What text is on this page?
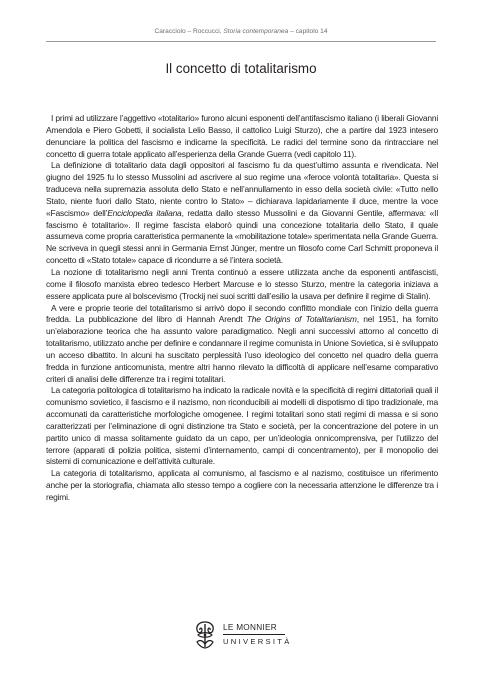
Caracciolo – Roccucci, Storia contemporanea – capitolo 14
Il concetto di totalitarismo

I primi ad utilizzare l’aggettivo «totalitario» furono alcuni esponenti dell’antifascismo italiano (i liberali Giovanni Amendola e Piero Gobetti, il socialista Lelio Basso, il cattolico Luigi Sturzo), che a partire dal 1923 intesero denunciare la politica del fascismo e indicarne la specificità. Le radici del termine sono da rintracciare nel concetto di guerra totale applicato all’esperienza della Grande Guerra (vedi capitolo 11).

La definizione di totalitario data dagli oppositori al fascismo fu da quest’ultimo assunta e rivendicata. Nel giugno del 1925 fu lo stesso Mussolini ad ascrivere al suo regime una «feroce volontà totalitaria». Questa si traduceva nella supremazia assoluta dello Stato e nell’annullamento in esso della società civile: «Tutto nello Stato, niente fuori dallo Stato, niente contro lo Stato» – dichiarava lapidariamente il duce, mentre la voce «Fascismo» dell’Enciclopedia italiana, redatta dallo stesso Mussolini e da Giovanni Gentile, affermava: «Il fascismo è totalitario». Il regime fascista elaborò quindi una concezione totalitaria dello Stato, il quale assumeva come propria caratteristica permanente la «mobilitazione totale» sperimentata nella Grande Guerra. Ne scriveva in quegli stessi anni in Germania Ernst Jünger, mentre un filosofo come Carl Schmitt proponeva il concetto di «Stato totale» capace di ricondurre a sé l’intera società.

La nozione di totalitarismo negli anni Trenta continuò a essere utilizzata anche da esponenti antifascisti, come il filosofo marxista ebreo tedesco Herbert Marcuse e lo stesso Sturzo, mentre la categoria iniziava a essere applicata pure al bolscevismo (Trockij nei suoi scritti dall’esilio la usava per definire il regime di Stalin).

A vere e proprie teorie del totalitarismo si arrivò dopo il secondo conflitto mondiale con l’inizio della guerra fredda. La pubblicazione del libro di Hannah Arendt The Origins of Totalitarianism, nel 1951, ha fornito un’elaborazione teorica che ha assunto valore paradigmatico. Negli anni successivi attorno al concetto di totalitarismo, utilizzato anche per definire e condannare il regime comunista in Unione Sovietica, si è sviluppato un acceso dibattito. In alcuni ha suscitato perplessità l’uso ideologico del concetto nel quadro della guerra fredda in funzione anticomunista, mentre altri hanno rilevato la difficoltà di applicare nell’esame comparativo criteri di analisi delle differenze tra i regimi totalitari.

La categoria politologica di totalitarismo ha indicato la radicale novità e la specificità di regimi dittatoriali quali il comunismo sovietico, il fascismo e il nazismo, non riconducibili ai modelli di dispotismo di tipo tradizionale, ma accomunati da caratteristiche morfologiche omogenee. I regimi totalitari sono stati regimi di massa e si sono caratterizzati per l’eliminazione di ogni distinzione tra Stato e società, per la concentrazione del potere in un partito unico di massa solitamente guidato da un capo, per un’ideologia onnicomprensiva, per l’utilizzo del terrore (apparati di polizia politica, sistemi d’internamento, campi di concentramento), per il monopolio dei sistemi di comunicazione e dell’attività culturale.

La categoria di totalitarismo, applicata al comunismo, al fascismo e al nazismo, costituisce un riferimento anche per la storiografia, chiamata allo stesso tempo a cogliere con la necessaria attenzione le differenze tra i regimi.

LE MONNIER
UNIVERSITÀ
